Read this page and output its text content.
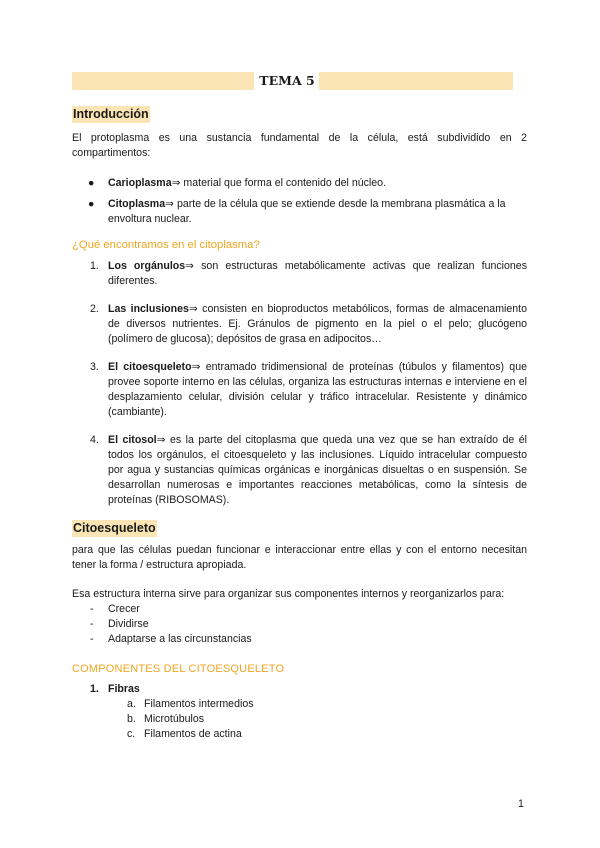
TEMA 5
Introducción

El protoplasma es una sustancia fundamental de la célula, está subdividido en 2 compartimentos:

● Carioplasma⇒ material que forma el contenido del núcleo.
● Citoplasma⇒ parte de la célula que se extiende desde la membrana plasmática a la envoltura nuclear.
¿Qué encontramos en el citoplasma?
1. Los orgánulos⇒ son estructuras metabólicamente activas que realizan funciones diferentes.
2. Las inclusiones⇒ consisten en bioproductos metabólicos, formas de almacenamiento de diversos nutrientes. Ej. Gránulos de pigmento en la piel o el pelo; glucógeno (polímero de glucosa); depósitos de grasa en adipocitos…
3. El citoesqueleto⇒ entramado tridimensional de proteínas (túbulos y filamentos) que provee soporte interno en las células, organiza las estructuras internas e interviene en el desplazamiento celular, división celular y tráfico intracelular. Resistente y dinámico (cambiante).
4. El citosol⇒ es la parte del citoplasma que queda una vez que se han extraído de él todos los orgánulos, el citoesqueleto y las inclusiones. Líquido intracelular compuesto por agua y sustancias químicas orgánicas e inorgánicas disueltas o en suspensión. Se desarrollan numerosas e importantes reacciones metabólicas, como la síntesis de proteínas (RIBOSOMAS).
Citoesqueleto

para que las células puedan funcionar e interaccionar entre ellas y con el entorno necesitan tener la forma / estructura apropiada.

Esa estructura interna sirve para organizar sus componentes internos y reorganizarlos para:

- Crecer
- Dividirse
- Adaptarse a las circunstancias
COMPONENTES DEL CITOESQUELETO
1. Fibras
a. Filamentos intermedios
b. Microtúbulos
c. Filamentos de actina
1
